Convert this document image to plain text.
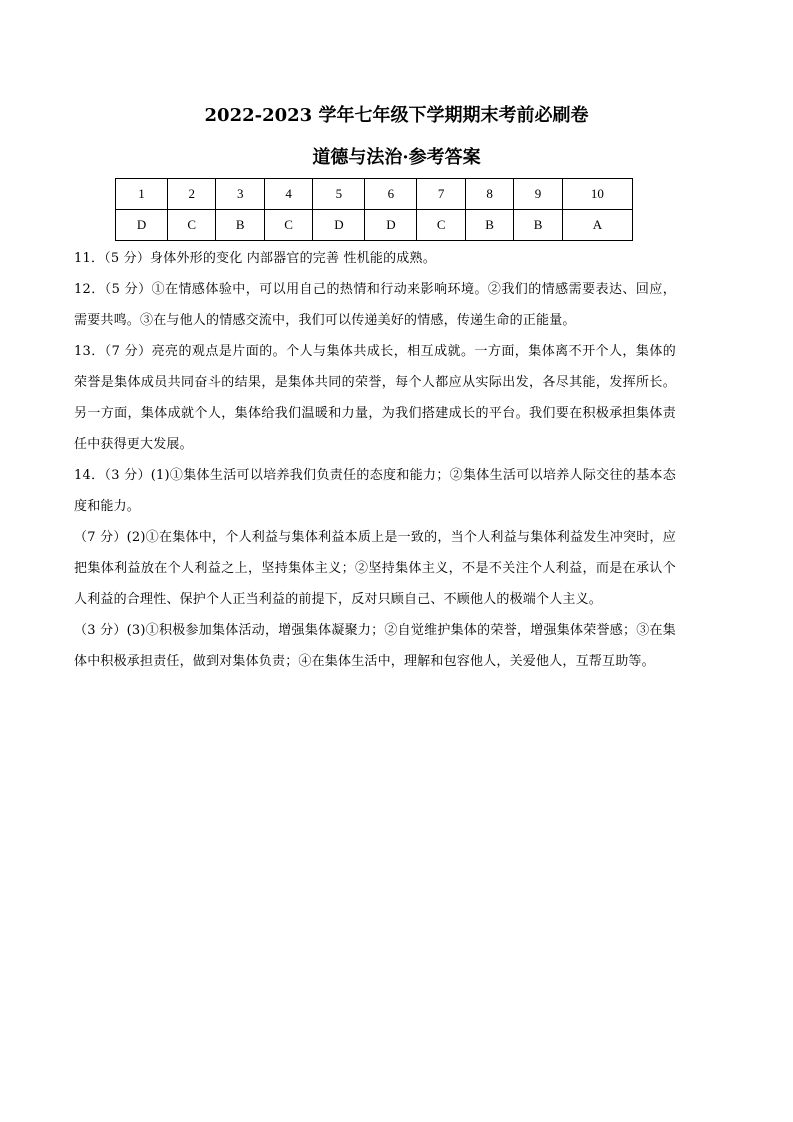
2022-2023 学年七年级下学期期末考前必刷卷
道德与法治·参考答案
1	2	3	4	5	6	7	8	9	10
D	C	B	C	D	D	C	B	B	A

11．（5 分）身体外形的变化 内部器官的完善 性机能的成熟。

12．（5 分）①在情感体验中，可以用自己的热情和行动来影响环境。②我们的情感需要表达、回应，需要共鸣。③在与他人的情感交流中，我们可以传递美好的情感，传递生命的正能量。

13．（7 分）亮亮的观点是片面的。个人与集体共成长，相互成就。一方面，集体离不开个人，集体的荣誉是集体成员共同奋斗的结果，是集体共同的荣誉，每个人都应从实际出发，各尽其能，发挥所长。另一方面，集体成就个人，集体给我们温暖和力量，为我们搭建成长的平台。我们要在积极承担集体责任中获得更大发展。

14．（3 分）(1)①集体生活可以培养我们负责任的态度和能力；②集体生活可以培养人际交往的基本态度和能力。

（7 分）(2)①在集体中，个人利益与集体利益本质上是一致的，当个人利益与集体利益发生冲突时，应把集体利益放在个人利益之上，坚持集体主义；②坚持集体主义，不是不关注个人利益，而是在承认个人利益的合理性、保护个人正当利益的前提下，反对只顾自己、不顾他人的极端个人主义。

（3 分）(3)①积极参加集体活动，增强集体凝聚力；②自觉维护集体的荣誉，增强集体荣誉感；③在集体中积极承担责任，做到对集体负责；④在集体生活中，理解和包容他人，关爱他人，互帮互助等。
